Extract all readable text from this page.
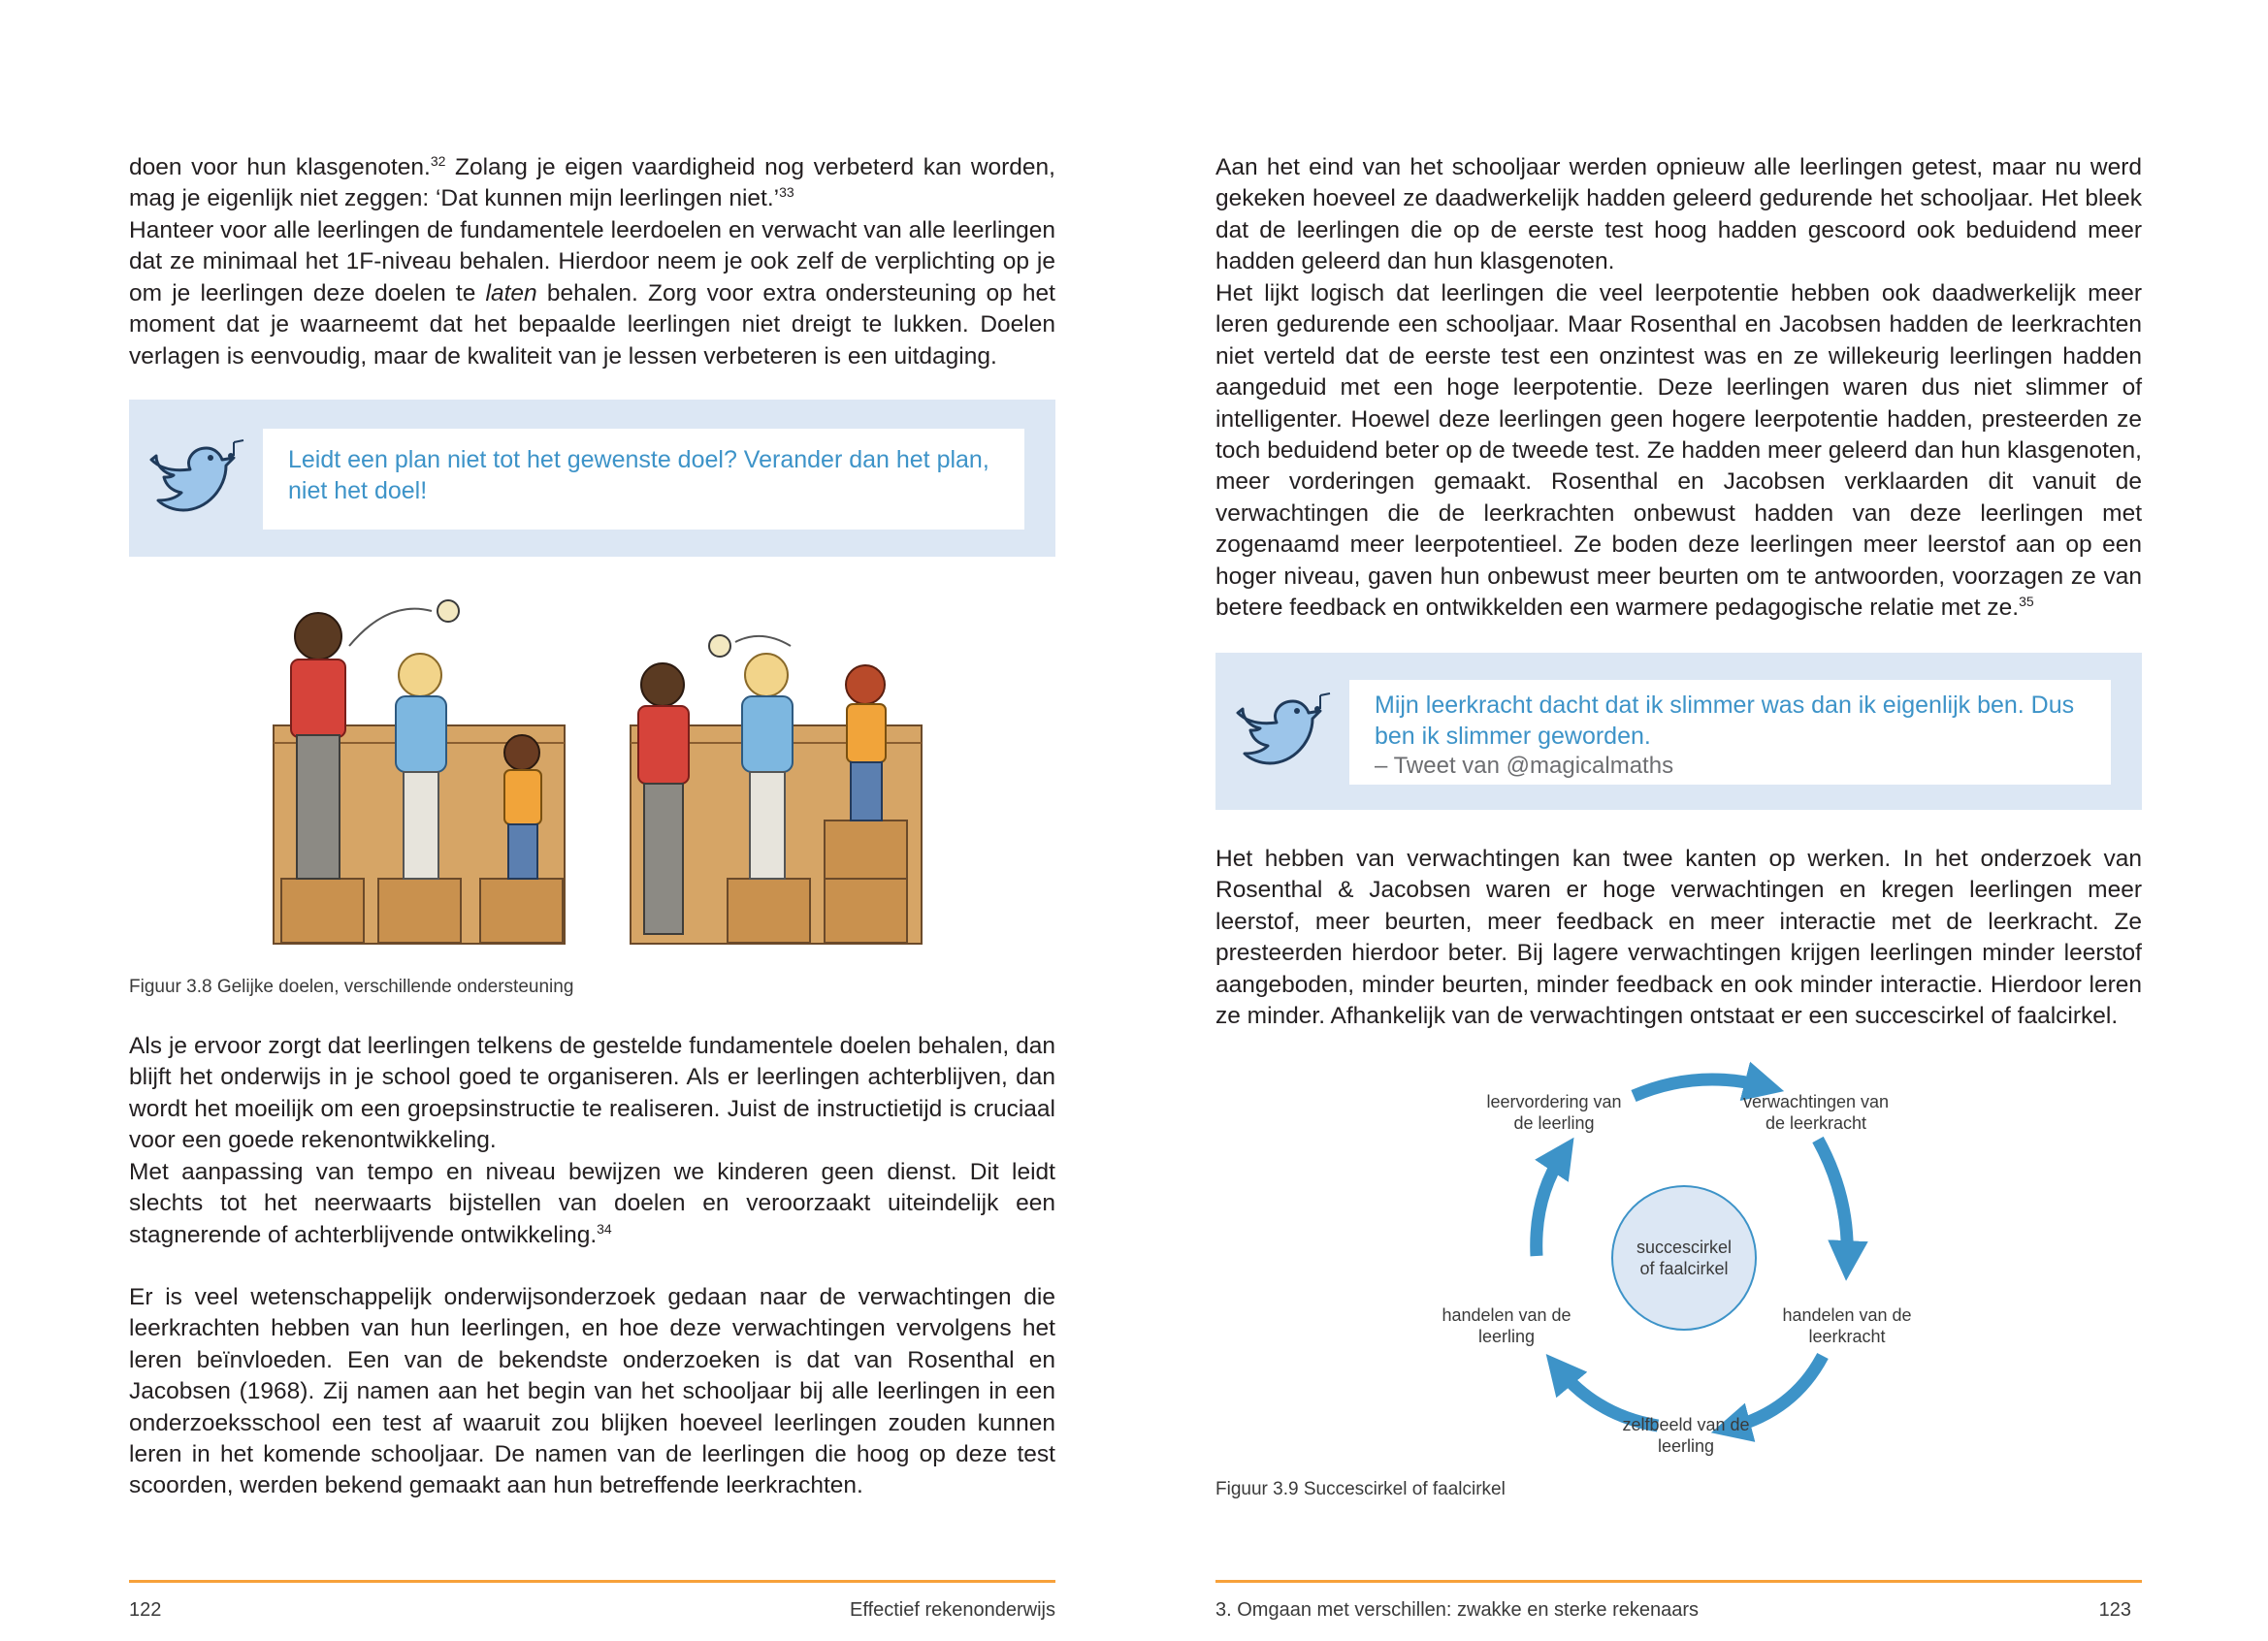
doen voor hun klasgenoten.$^{32}$ Zolang je eigen vaardigheid nog verbeterd kan worden, mag je eigenlijk niet zeggen: ‘Dat kunnen mijn leerlingen niet.’$^{33}$

Hanteer voor alle leerlingen de fundamentele leerdoelen en verwacht van alle leerlingen dat ze minimaal het 1F-niveau behalen. Hierdoor neem je ook zelf de verplichting op je om je leerlingen deze doelen te laten behalen. Zorg voor extra ondersteuning op het moment dat je waarneemt dat het bepaalde leerlingen niet dreigt te lukken. Doelen verlagen is eenvoudig, maar de kwaliteit van je lessen verbeteren is een uitdaging.

Leidt een plan niet tot het gewenste doel? Verander dan het plan, niet het doel!

Figuur 3.8 Gelijke doelen, verschillende ondersteuning

Als je ervoor zorgt dat leerlingen telkens de gestelde fundamentele doelen behalen, dan blijft het onderwijs in je school goed te organiseren. Als er leerlingen achterblijven, dan wordt het moeilijk om een groepsinstructie te realiseren. Juist de instructietijd is cruciaal voor een goede rekenontwikkeling.

Met aanpassing van tempo en niveau bewijzen we kinderen geen dienst. Dit leidt slechts tot het neerwaarts bijstellen van doelen en veroorzaakt uiteindelijk een stagnerende of achterblijvende ontwikkeling.$^{34}$

Er is veel wetenschappelijk onderwijsonderzoek gedaan naar de verwachtingen die leerkrachten hebben van hun leerlingen, en hoe deze verwachtingen vervolgens het leren beïnvloeden. Een van de bekendste onderzoeken is dat van Rosenthal en Jacobsen (1968). Zij namen aan het begin van het schooljaar bij alle leerlingen in een onderzoeksschool een test af waaruit zou blijken hoeveel leerlingen zouden kunnen leren in het komende schooljaar. De namen van de leerlingen die hoog op deze test scoorden, werden bekend gemaakt aan hun betreffende leerkrachten.

122	Effectief rekenonderwijs

Aan het eind van het schooljaar werden opnieuw alle leerlingen getest, maar nu werd gekeken hoeveel ze daadwerkelijk hadden geleerd gedurende het schooljaar. Het bleek dat de leerlingen die op de eerste test hoog hadden gescoord ook beduidend meer hadden geleerd dan hun klasgenoten.

Het lijkt logisch dat leerlingen die veel leerpotentie hebben ook daadwerkelijk meer leren gedurende een schooljaar. Maar Rosenthal en Jacobsen hadden de leerkrachten niet verteld dat de eerste test een onzintest was en ze willekeurig leerlingen hadden aangeduid met een hoge leerpotentie. Deze leerlingen waren dus niet slimmer of intelligenter. Hoewel deze leerlingen geen hogere leerpotentie hadden, presteerden ze toch beduidend beter op de tweede test. Ze hadden meer geleerd dan hun klasgenoten, meer vorderingen gemaakt. Rosenthal en Jacobsen verklaarden dit vanuit de verwachtingen die de leerkrachten onbewust hadden van deze leerlingen met zogenaamd meer leerpotentieel. Ze boden deze leerlingen meer leerstof aan op een hoger niveau, gaven hun onbewust meer beurten om te antwoorden, voorzagen ze van betere feedback en ontwikkelden een warmere pedagogische relatie met ze.$^{35}$

Mijn leerkracht dacht dat ik slimmer was dan ik eigenlijk ben. Dus ben ik slimmer geworden.

– Tweet van @magicalmaths

Het hebben van verwachtingen kan twee kanten op werken. In het onderzoek van Rosenthal & Jacobsen waren er hoge verwachtingen en kregen leerlingen meer leerstof, meer beurten, meer feedback en meer interactie met de leerkracht. Ze presteerden hierdoor beter. Bij lagere verwachtingen krijgen leerlingen minder leerstof aangeboden, minder beurten, minder feedback en ook minder interactie. Hierdoor leren ze minder. Afhankelijk van de verwachtingen ontstaat er een succescirkel of faalcirkel.

succescirkel of faalcirkel

leervordering van de leerling

verwachtingen van de leerkracht

handelen van de leerkracht

zelfbeeld van de leerling

handelen van de leerling

Figuur 3.9 Succescirkel of faalcirkel

3. Omgaan met verschillen: zwakke en sterke rekenaars	123
